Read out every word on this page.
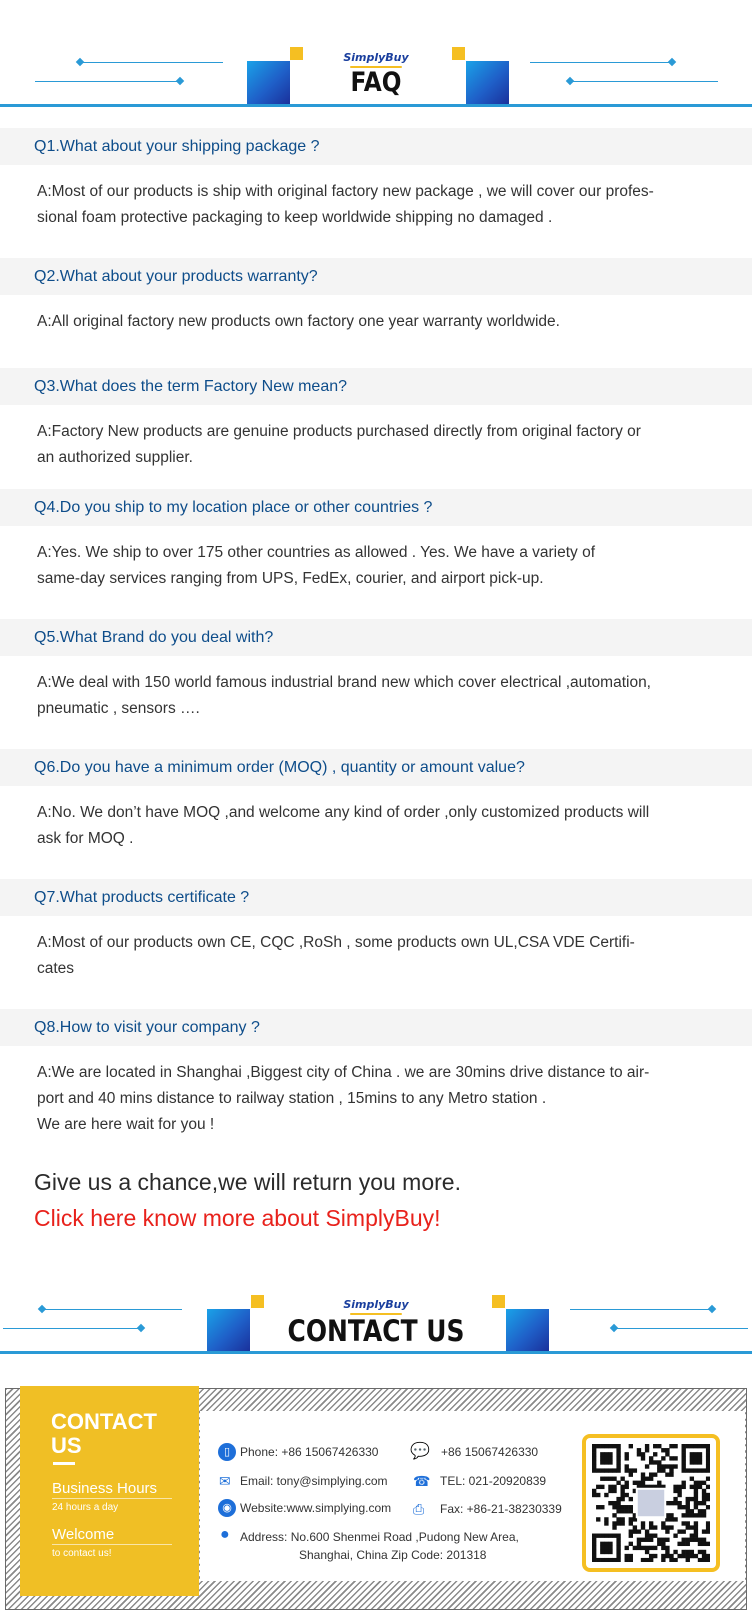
SimplyBuy
FAQ
Q1.What about your shipping package ?
A:Most of our products is ship with original factory new package , we will cover our profes-
sional foam protective packaging to keep worldwide shipping no damaged .
Q2.What about your products warranty?
A:All original factory new products own factory one year warranty worldwide.
Q3.What does the term Factory New mean?
A:Factory New products are genuine products purchased directly from original factory or
an authorized supplier.
Q4.Do you ship to my location place or other countries ?
A:Yes. We ship to over 175 other countries as allowed . Yes. We have a variety of
same-day services ranging from UPS, FedEx, courier, and airport pick-up.
Q5.What Brand do you deal with?
A:We deal with 150 world famous industrial brand new which cover electrical ,automation,
pneumatic , sensors ….
Q6.Do you have a minimum order (MOQ) , quantity or amount value?
A:No. We don’t have MOQ ,and welcome any kind of order ,only customized products will
ask for MOQ .
Q7.What products certificate ?
A:Most of our products own CE, CQC ,RoSh , some products own UL,CSA VDE Certifi-
cates
Q8.How to visit your company ?
A:We are located in Shanghai ,Biggest city of China . we are 30mins drive distance to air-
port and 40 mins distance to railway station , 15mins to any Metro station .
We are here wait for you !
Give us a chance,we will return you more.
Click here know more about SimplyBuy!
SimplyBuy
CONTACT US
CONTACT
US
Business Hours
24 hours a day
Welcome
to contact us!
▯ Phone: +86 15067426330 💬 +86 15067426330
✉ Email: tony@simplying.com ☎ TEL: 021-20920839
◉ Website:www.simplying.com ⎙ Fax: +86-21-38230339
● Address: No.600 Shenmei Road ,Pudong New Area,
Shanghai, China Zip Code: 201318
